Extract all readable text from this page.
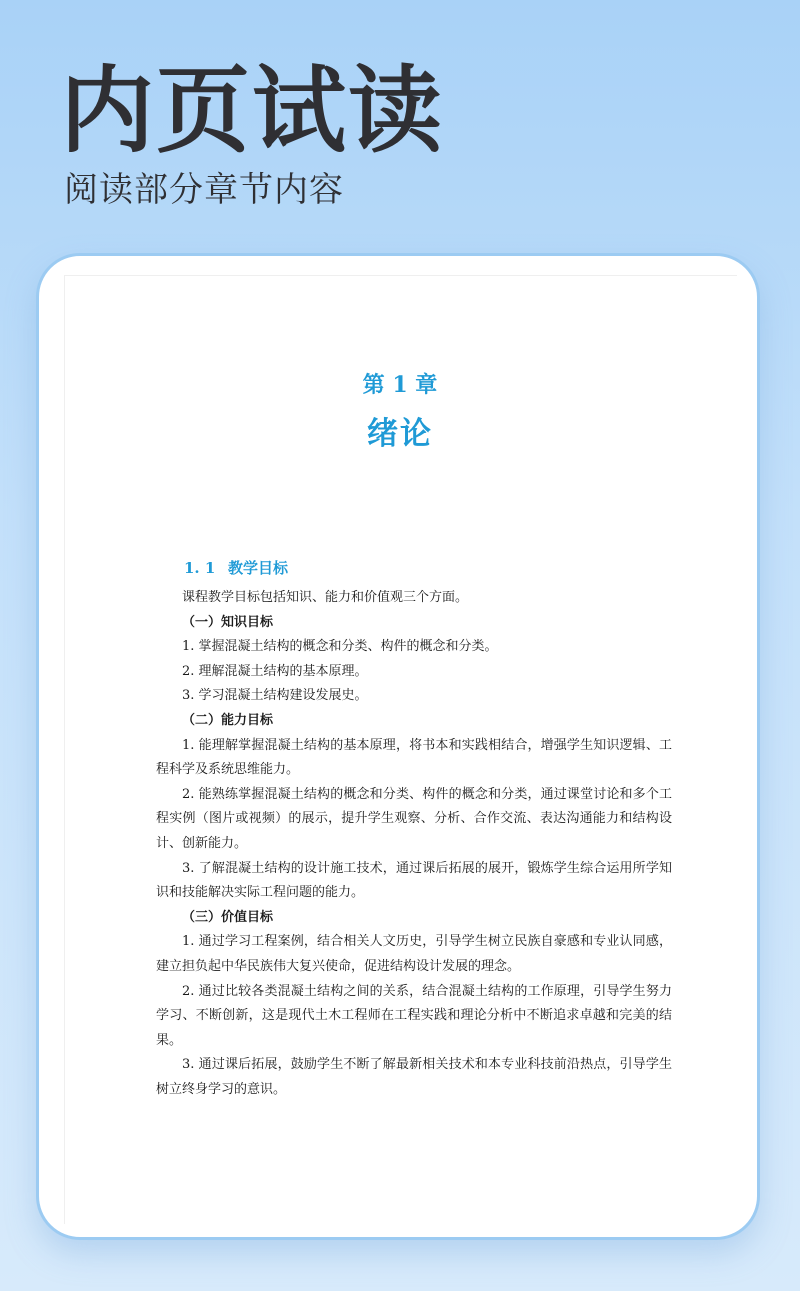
内页试读
阅读部分章节内容
第 1 章
绪论
1. 1 教学目标

课程教学目标包括知识、能力和价值观三个方面。

（一）知识目标

1. 掌握混凝土结构的概念和分类、构件的概念和分类。

2. 理解混凝土结构的基本原理。

3. 学习混凝土结构建设发展史。

（二）能力目标

1. 能理解掌握混凝土结构的基本原理，将书本和实践相结合，增强学生知识逻辑、工程科学及系统思维能力。

2. 能熟练掌握混凝土结构的概念和分类、构件的概念和分类，通过课堂讨论和多个工程实例（图片或视频）的展示，提升学生观察、分析、合作交流、表达沟通能力和结构设计、创新能力。

3. 了解混凝土结构的设计施工技术，通过课后拓展的展开，锻炼学生综合运用所学知识和技能解决实际工程问题的能力。

（三）价值目标

1. 通过学习工程案例，结合相关人文历史，引导学生树立民族自豪感和专业认同感，建立担负起中华民族伟大复兴使命，促进结构设计发展的理念。

2. 通过比较各类混凝土结构之间的关系，结合混凝土结构的工作原理，引导学生努力学习、不断创新，这是现代土木工程师在工程实践和理论分析中不断追求卓越和完美的结果。

3. 通过课后拓展，鼓励学生不断了解最新相关技术和本专业科技前沿热点，引导学生树立终身学习的意识。
